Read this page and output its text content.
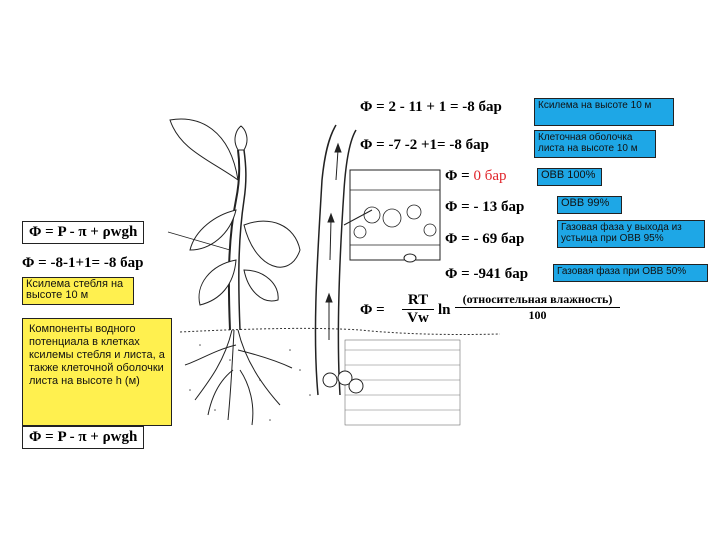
Φ = 2 - 11 + 1 = -8 бар
Φ = -7 -2 +1= -8 бар
Φ = 0 бар
Φ = - 13 бар
Φ = - 69 бар
Φ = -941 бар
Ксилема на высоте 10 м
Клеточная оболочка листа на высоте 10 м
ОВВ 100%
ОВВ 99%
Газовая фаза у выхода из устьица при ОВВ 95%
Газовая фаза при ОВВ 50%
$\Phi = \frac{RT}{Vw}$ ln
(относительная влажность)
100
Φ = P - π + ρwgh
Φ = -8-1+1= -8 бар
Ксилема стебля на высоте 10 м
Компоненты водного потенциала в клетках ксилемы стебля и листа, а также клеточной оболочки листа на высоте h (м)
Φ = P - π + ρwgh
